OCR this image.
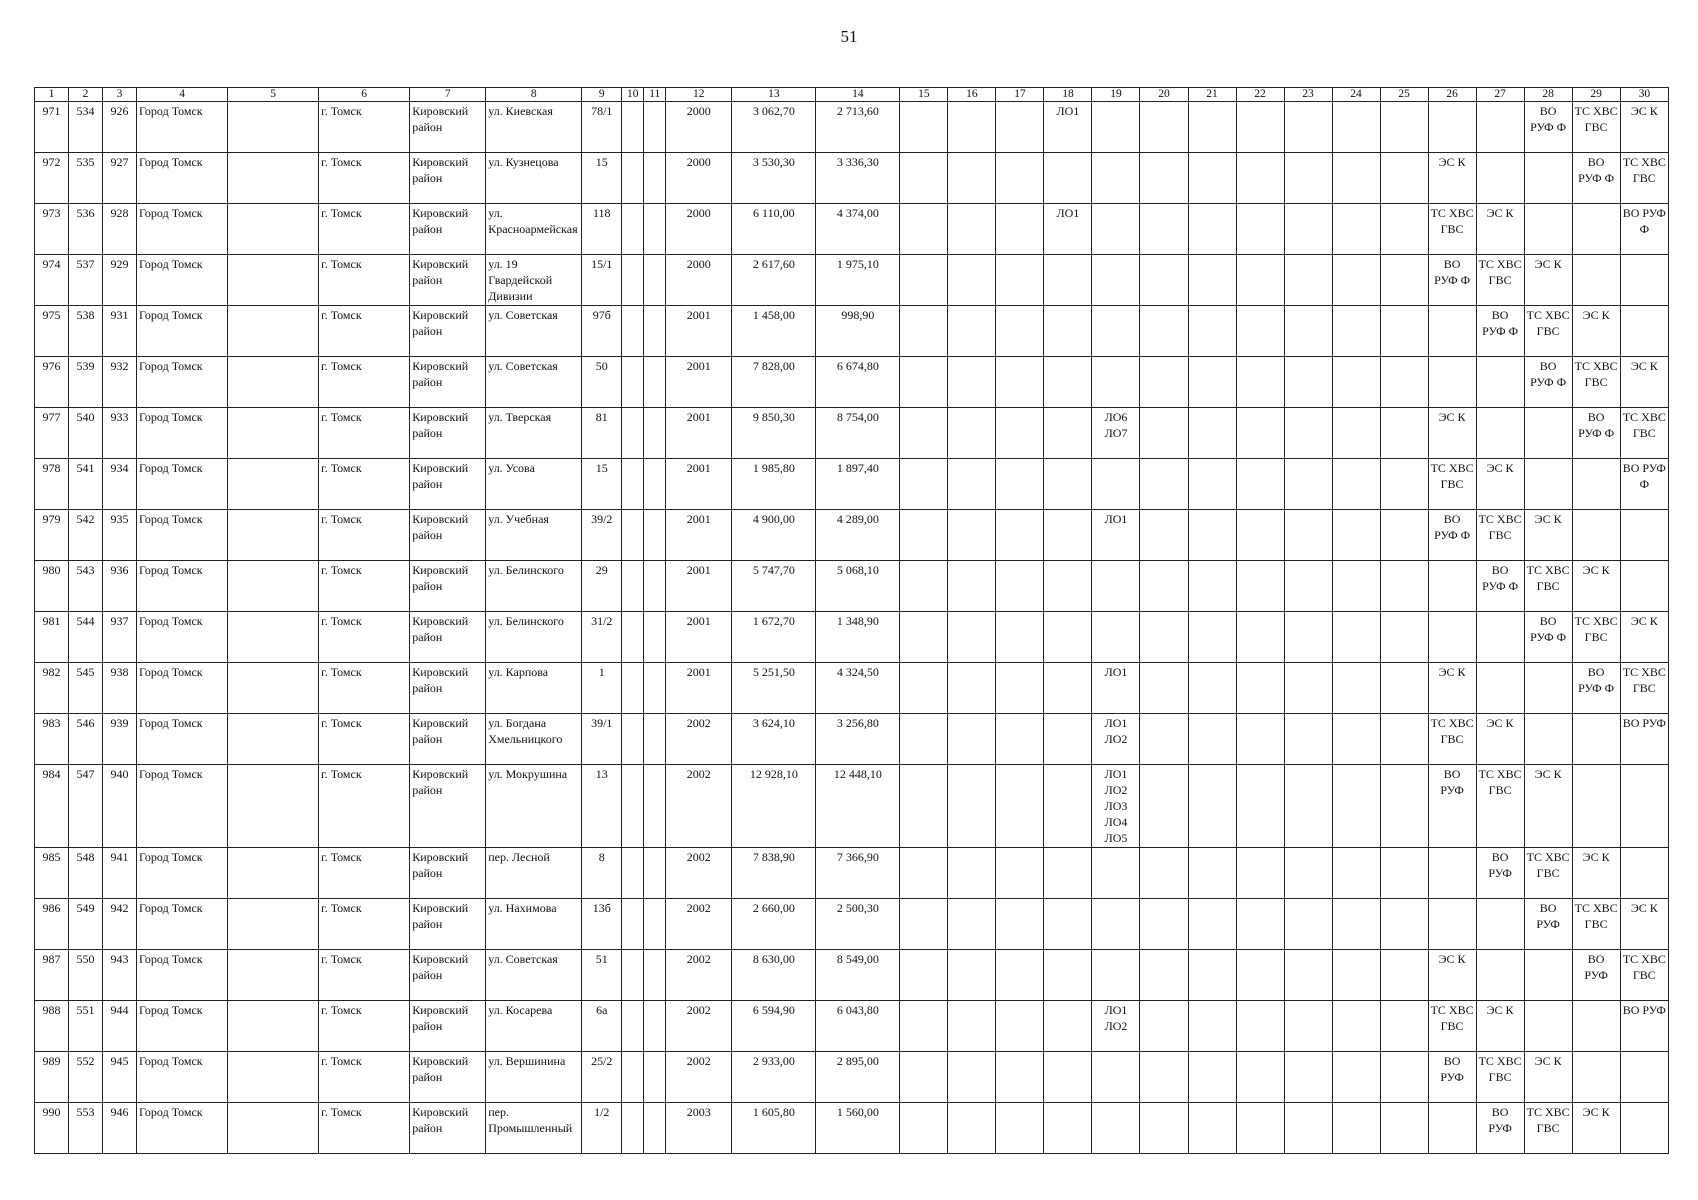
51
1	2	3	4	5	6	7	8	9	10	11	12	13	14	15	16	17	18	19	20	21	22	23	24	25	26	27	28	29	30
971	534	926	Город Томск		г. Томск	Кировский район	ул. Киевская	78/1			2000	3 062,70	2 713,60				ЛО1										ВО РУФ Ф	ТС ХВС ГВС	ЭС К
972	535	927	Город Томск		г. Томск	Кировский район	ул. Кузнецова	15			2000	3 530,30	3 336,30												ЭС К			ВО РУФ Ф	ТС ХВС ГВС
973	536	928	Город Томск		г. Томск	Кировский район	ул. Красноармейская	118			2000	6 110,00	4 374,00				ЛО1								ТС ХВС ГВС	ЭС К			ВО РУФ Ф
974	537	929	Город Томск		г. Томск	Кировский район	ул. 19 Гвардейской Дивизии	15/1			2000	2 617,60	1 975,10												ВО РУФ Ф	ТС ХВС ГВС	ЭС К		
975	538	931	Город Томск		г. Томск	Кировский район	ул. Советская	97б			2001	1 458,00	998,90													ВО РУФ Ф	ТС ХВС ГВС	ЭС К	
976	539	932	Город Томск		г. Томск	Кировский район	ул. Советская	50			2001	7 828,00	6 674,80														ВО РУФ Ф	ТС ХВС ГВС	ЭС К
977	540	933	Город Томск		г. Томск	Кировский район	ул. Тверская	81			2001	9 850,30	8 754,00					ЛО6 ЛО7							ЭС К			ВО РУФ Ф	ТС ХВС ГВС
978	541	934	Город Томск		г. Томск	Кировский район	ул. Усова	15			2001	1 985,80	1 897,40												ТС ХВС ГВС	ЭС К			ВО РУФ Ф
979	542	935	Город Томск		г. Томск	Кировский район	ул. Учебная	39/2			2001	4 900,00	4 289,00					ЛО1							ВО РУФ Ф	ТС ХВС ГВС	ЭС К		
980	543	936	Город Томск		г. Томск	Кировский район	ул. Белинского	29			2001	5 747,70	5 068,10													ВО РУФ Ф	ТС ХВС ГВС	ЭС К	
981	544	937	Город Томск		г. Томск	Кировский район	ул. Белинского	31/2			2001	1 672,70	1 348,90														ВО РУФ Ф	ТС ХВС ГВС	ЭС К
982	545	938	Город Томск		г. Томск	Кировский район	ул. Карпова	1			2001	5 251,50	4 324,50					ЛО1							ЭС К			ВО РУФ Ф	ТС ХВС ГВС
983	546	939	Город Томск		г. Томск	Кировский район	ул. Богдана Хмельницкого	39/1			2002	3 624,10	3 256,80					ЛО1 ЛО2							ТС ХВС ГВС	ЭС К			ВО РУФ
984	547	940	Город Томск		г. Томск	Кировский район	ул. Мокрушина	13			2002	12 928,10	12 448,10					ЛО1 ЛО2 ЛО3 ЛО4 ЛО5							ВО РУФ	ТС ХВС ГВС	ЭС К		
985	548	941	Город Томск		г. Томск	Кировский район	пер. Лесной	8			2002	7 838,90	7 366,90													ВО РУФ	ТС ХВС ГВС	ЭС К	
986	549	942	Город Томск		г. Томск	Кировский район	ул. Нахимова	13б			2002	2 660,00	2 500,30														ВО РУФ	ТС ХВС ГВС	ЭС К
987	550	943	Город Томск		г. Томск	Кировский район	ул. Советская	51			2002	8 630,00	8 549,00												ЭС К			ВО РУФ	ТС ХВС ГВС
988	551	944	Город Томск		г. Томск	Кировский район	ул. Косарева	6а			2002	6 594,90	6 043,80					ЛО1 ЛО2							ТС ХВС ГВС	ЭС К			ВО РУФ
989	552	945	Город Томск		г. Томск	Кировский район	ул. Вершинина	25/2			2002	2 933,00	2 895,00												ВО РУФ	ТС ХВС ГВС	ЭС К		
990	553	946	Город Томск		г. Томск	Кировский район	пер. Промышленный	1/2			2003	1 605,80	1 560,00													ВО РУФ	ТС ХВС ГВС	ЭС К	
